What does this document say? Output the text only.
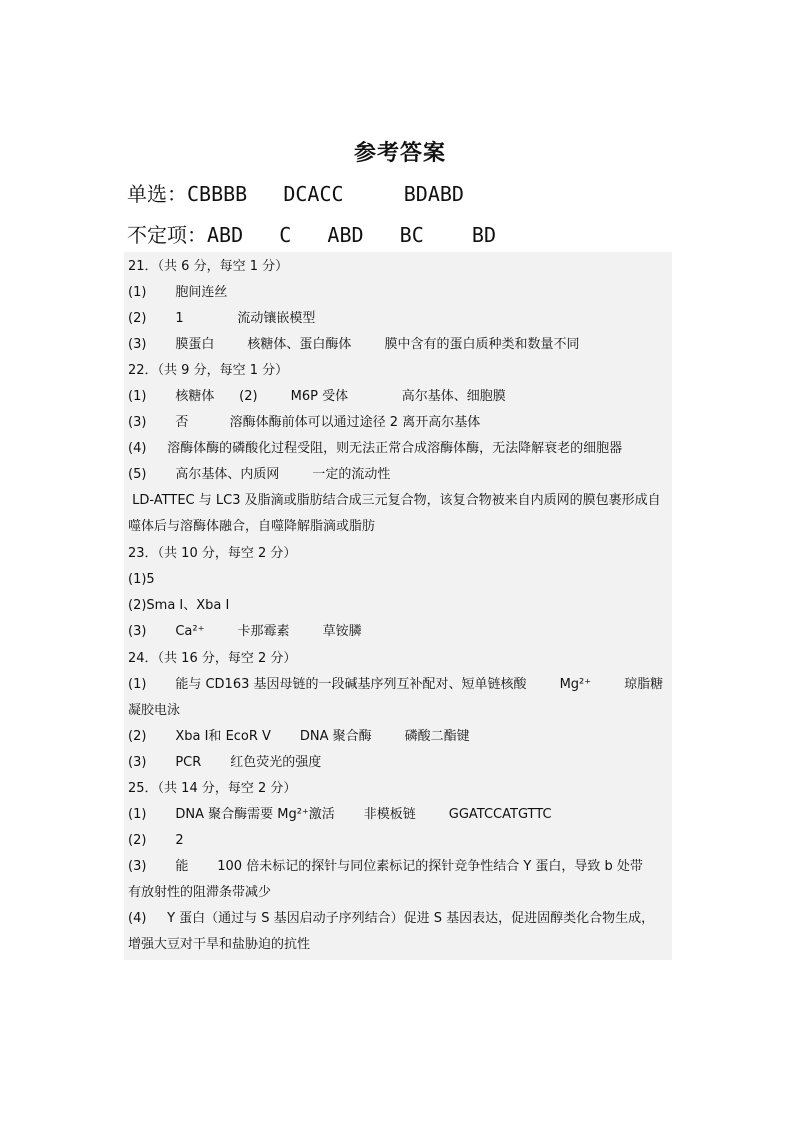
参考答案
单选：CBBBB   DCACC     BDABD
不定项：ABD   C   ABD   BC    BD
21．（共 6 分，每空 1 分）
(1)       胞间连丝
(2)       1             流动镶嵌模型
(3)       膜蛋白        核糖体、蛋白酶体        膜中含有的蛋白质种类和数量不同
22．（共 9 分，每空 1 分）
(1)       核糖体      (2)        M6P 受体             高尔基体、细胞膜
(3)       否          溶酶体酶前体可以通过途径 2 离开高尔基体
(4)     溶酶体酶的磷酸化过程受阻，则无法正常合成溶酶体酶，无法降解衰老的细胞器
(5)       高尔基体、内质网        一定的流动性
LD-ATTEC 与 LC3 及脂滴或脂肪结合成三元复合物，该复合物被来自内质网的膜包裹形成自
噬体后与溶酶体融合，自噬降解脂滴或脂肪
23．（共 10 分，每空 2 分）
(1)5
(2)Sma Ⅰ、Xba Ⅰ
(3)       Ca²⁺        卡那霉素        草铵膦
24．（共 16 分，每空 2 分）
(1)       能与 CD163 基因母链的一段碱基序列互补配对、短单链核酸        Mg²⁺        琼脂糖
凝胶电泳
(2)       Xba Ⅰ和 EcoR Ⅴ       DNA 聚合酶        磷酸二酯键
(3)       PCR       红色荧光的强度
25．（共 14 分，每空 2 分）
(1)       DNA 聚合酶需要 Mg²⁺激活       非模板链        GGATCCATGTTC
(2)       2
(3)       能       100 倍未标记的探针与同位素标记的探针竞争性结合 Y 蛋白，导致 b 处带
有放射性的阻滞条带减少
(4)     Y 蛋白（通过与 S 基因启动子序列结合）促进 S 基因表达，促进固醇类化合物生成，
增强大豆对干旱和盐胁迫的抗性
